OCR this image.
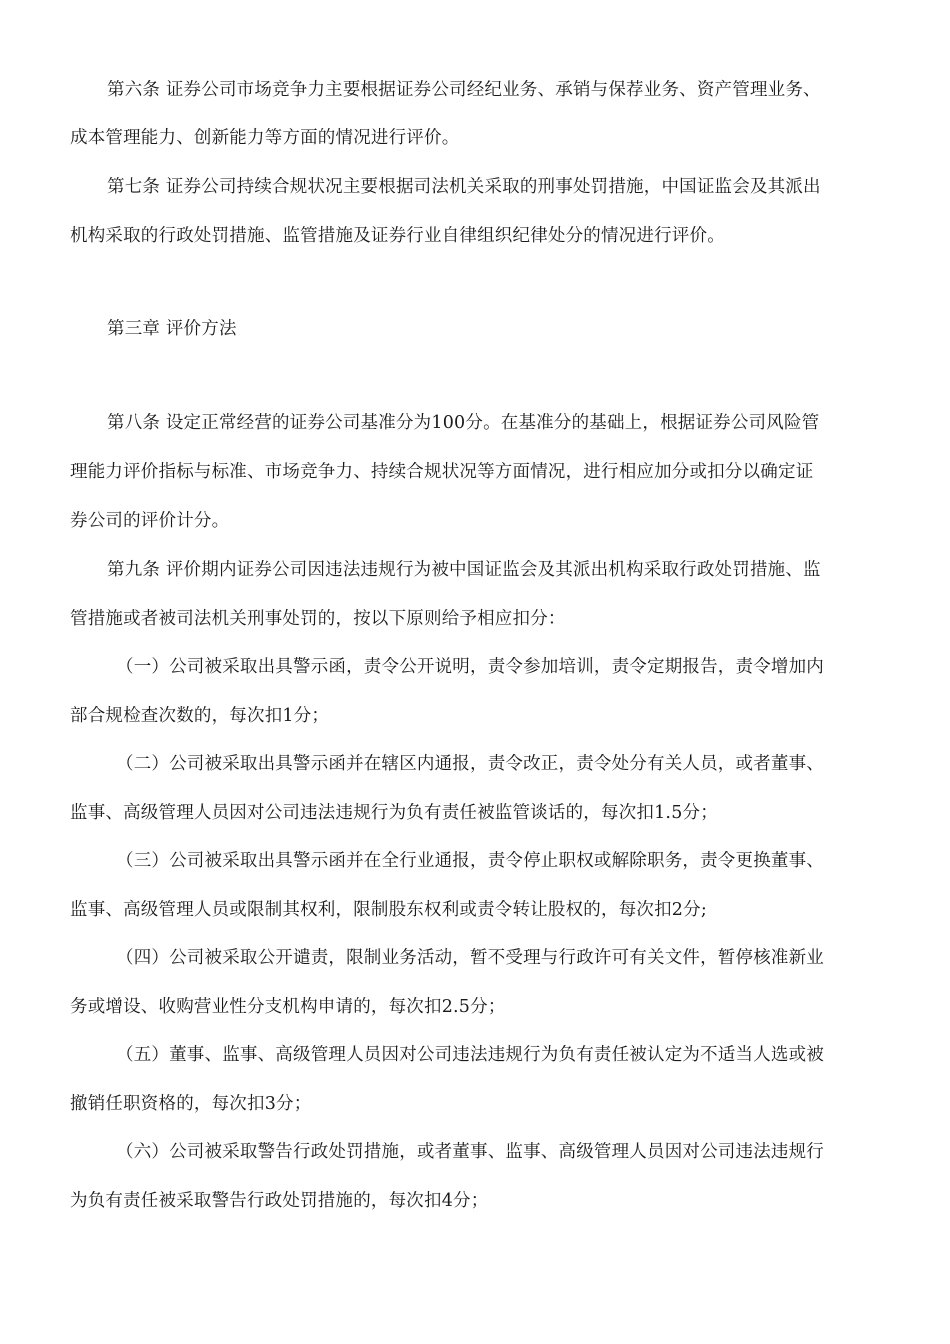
第六条 证券公司市场竞争力主要根据证券公司经纪业务、承销与保荐业务、资产管理业务、
成本管理能力、创新能力等方面的情况进行评价。
第七条 证券公司持续合规状况主要根据司法机关采取的刑事处罚措施，中国证监会及其派出
机构采取的行政处罚措施、监管措施及证券行业自律组织纪律处分的情况进行评价。
第三章 评价方法
第八条 设定正常经营的证券公司基准分为100分。在基准分的基础上，根据证券公司风险管
理能力评价指标与标准、市场竞争力、持续合规状况等方面情况，进行相应加分或扣分以确定证
券公司的评价计分。
第九条 评价期内证券公司因违法违规行为被中国证监会及其派出机构采取行政处罚措施、监
管措施或者被司法机关刑事处罚的，按以下原则给予相应扣分：
（一）公司被采取出具警示函，责令公开说明，责令参加培训，责令定期报告，责令增加内
部合规检查次数的，每次扣1分；
（二）公司被采取出具警示函并在辖区内通报，责令改正，责令处分有关人员，或者董事、
监事、高级管理人员因对公司违法违规行为负有责任被监管谈话的，每次扣1.5分；
（三）公司被采取出具警示函并在全行业通报，责令停止职权或解除职务，责令更换董事、
监事、高级管理人员或限制其权利，限制股东权利或责令转让股权的，每次扣2分;
（四）公司被采取公开谴责，限制业务活动，暂不受理与行政许可有关文件，暂停核准新业
务或增设、收购营业性分支机构申请的，每次扣2.5分；
（五）董事、监事、高级管理人员因对公司违法违规行为负有责任被认定为不适当人选或被
撤销任职资格的，每次扣3分；
（六）公司被采取警告行政处罚措施，或者董事、监事、高级管理人员因对公司违法违规行
为负有责任被采取警告行政处罚措施的，每次扣4分；
